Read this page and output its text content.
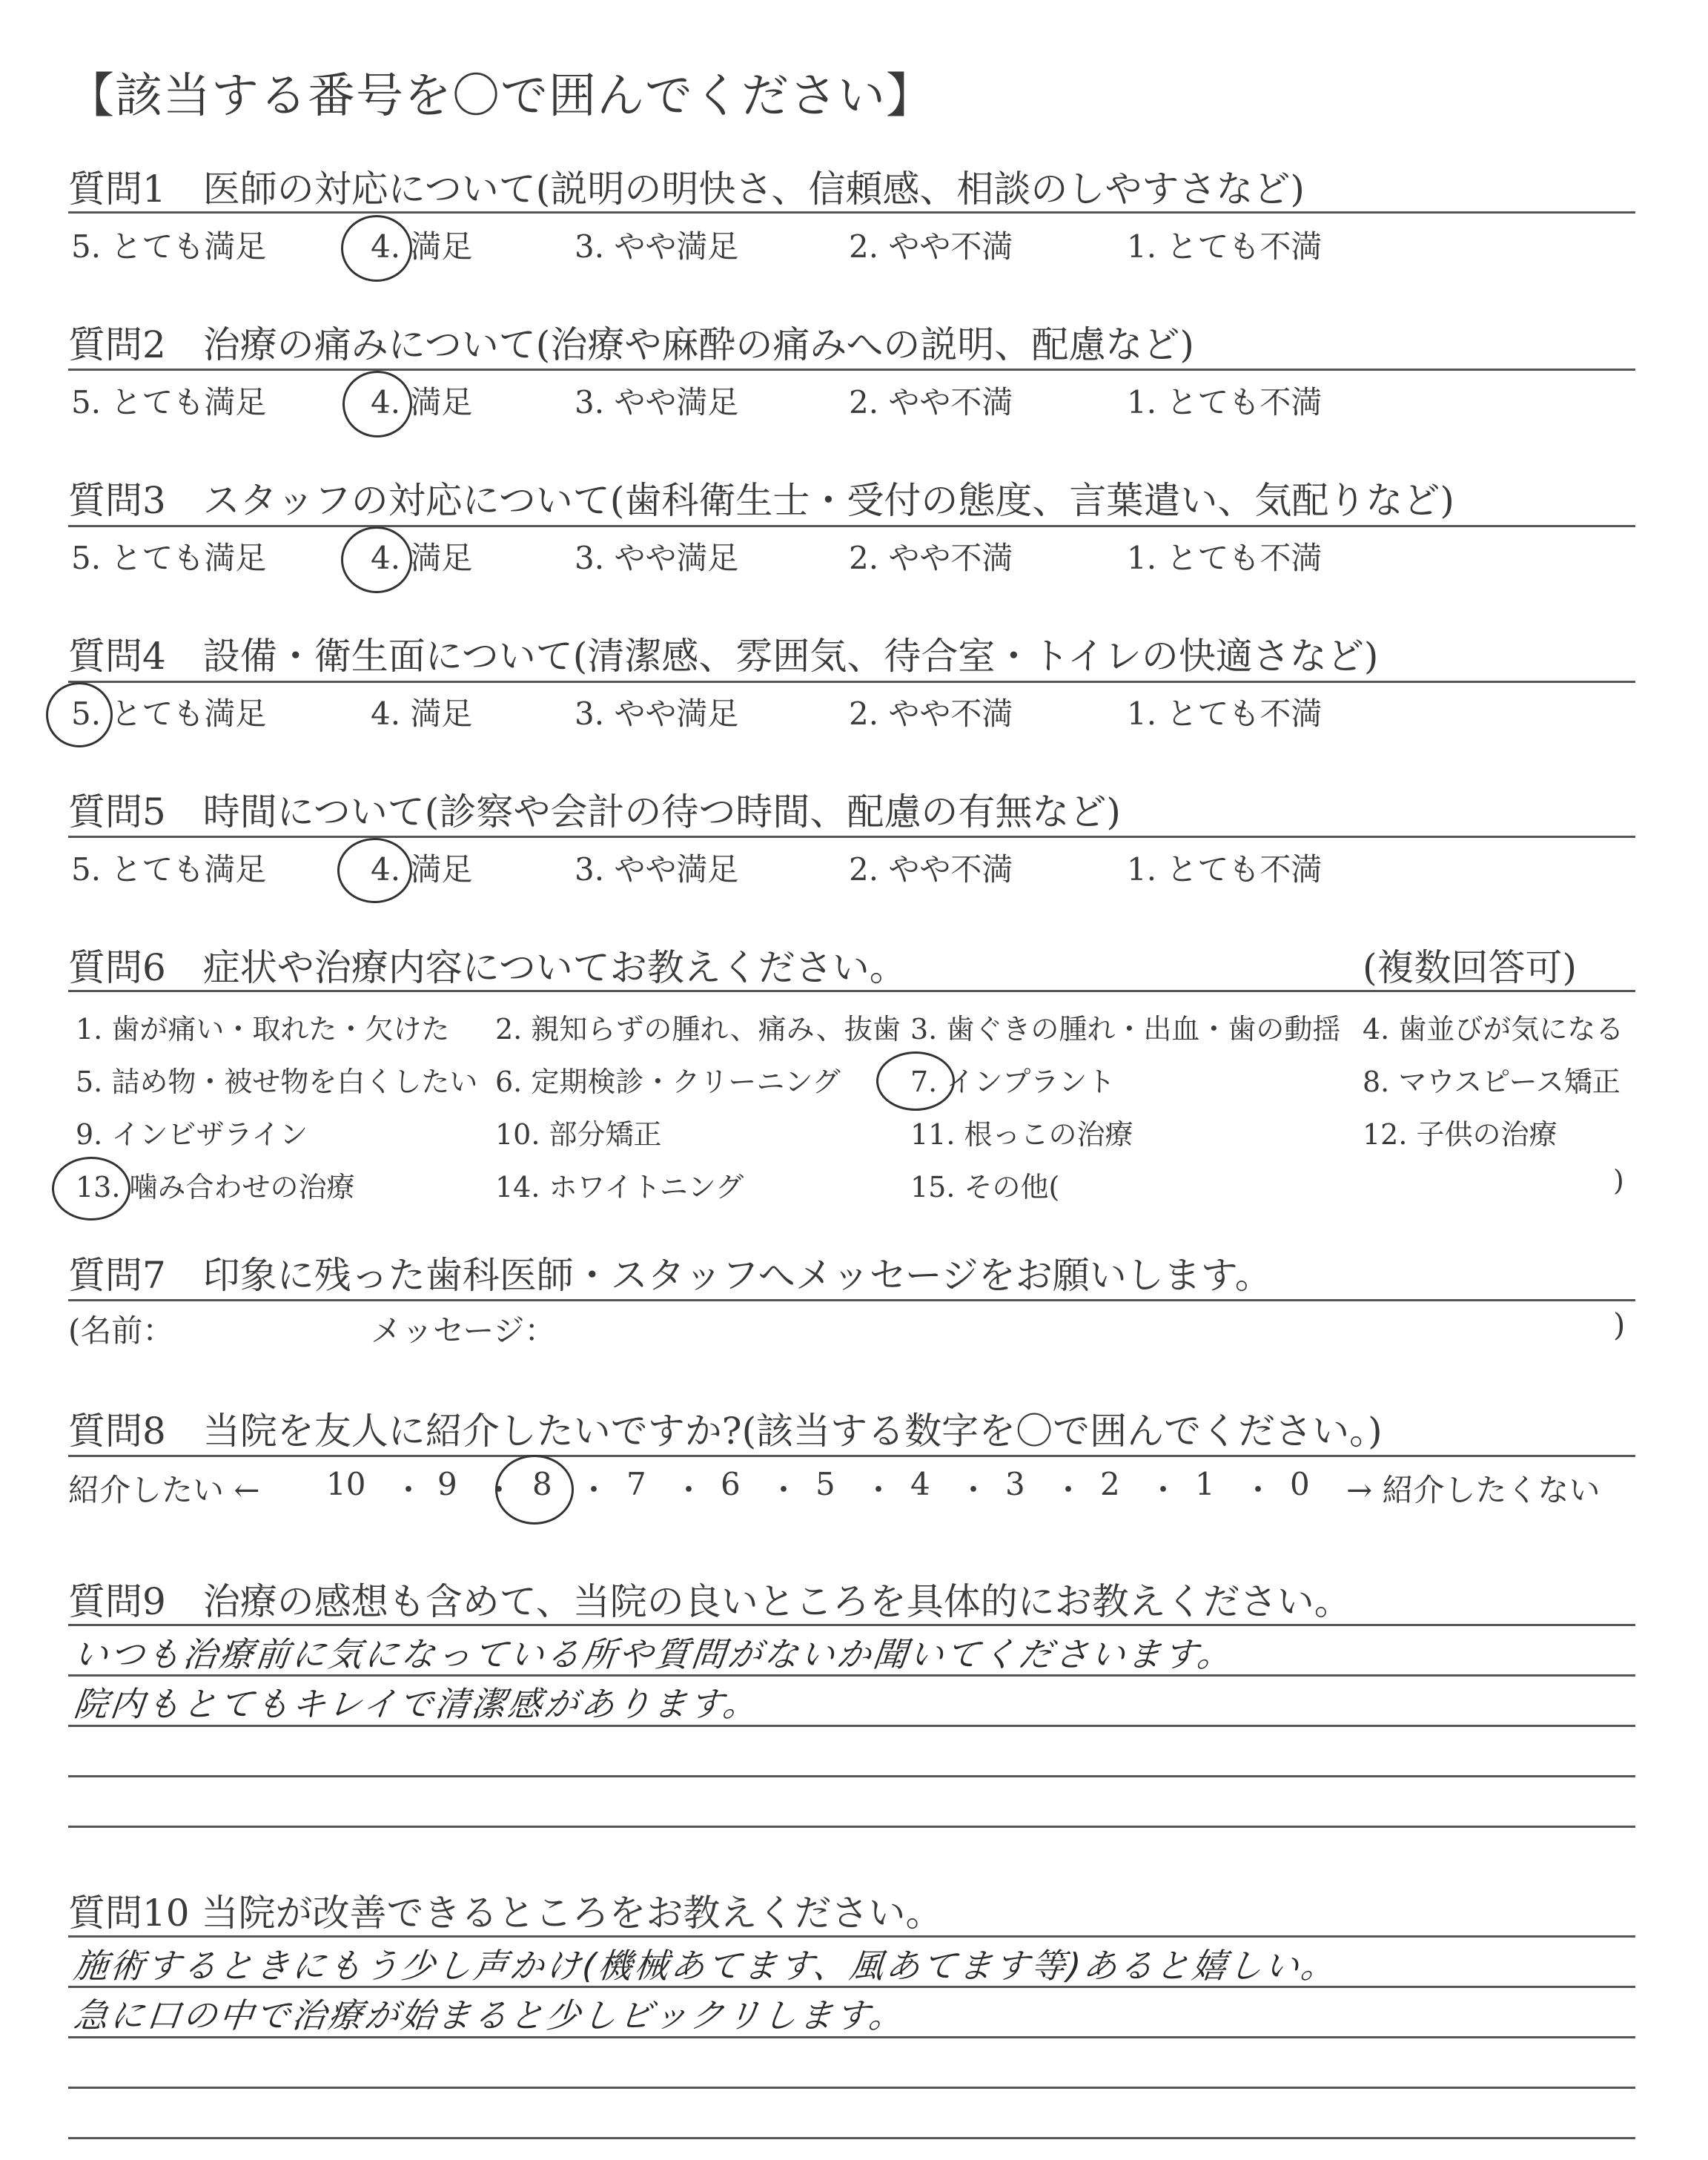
【該当する番号を〇で囲んでください】
質問1　医師の対応について(説明の明快さ、信頼感、相談のしやすさなど)
5. とても満足	4. 満足	3. やや満足	2. やや不満	1. とても不満
質問2　治療の痛みについて(治療や麻酔の痛みへの説明、配慮など)
5. とても満足	4. 満足	3. やや満足	2. やや不満	1. とても不満
質問3　スタッフの対応について(歯科衛生士・受付の態度、言葉遣い、気配りなど)
5. とても満足	4. 満足	3. やや満足	2. やや不満	1. とても不満
質問4　設備・衛生面について(清潔感、雰囲気、待合室・トイレの快適さなど)
5. とても満足	4. 満足	3. やや満足	2. やや不満	1. とても不満
質問5　時間について(診察や会計の待つ時間、配慮の有無など)
5. とても満足	4. 満足	3. やや満足	2. やや不満	1. とても不満
質問6　症状や治療内容についてお教えください。	(複数回答可)
1. 歯が痛い・取れた・欠けた 2. 親知らずの腫れ、痛み、抜歯 3. 歯ぐきの腫れ・出血・歯の動揺 4. 歯並びが気になる
5. 詰め物・被せ物を白くしたい 6. 定期検診・クリーニング 7. インプラント	8. マウスピース矯正
9. インビザライン	10. 部分矯正	11. 根っこの治療	12. 子供の治療
13. 噛み合わせの治療	14. ホワイトニング	15. その他(	)
質問7　印象に残った歯科医師・スタッフへメッセージをお願いします。
(名前：	メッセージ：	)
質問8　当院を友人に紹介したいですか?(該当する数字を〇で囲んでください。)
紹介したい ← 10 ・ 9 ・ 8 ・ 7 ・ 6 ・ 5 ・ 4 ・ 3 ・ 2 ・ 1 ・ 0 → 紹介したくない
質問9　治療の感想も含めて、当院の良いところを具体的にお教えください。
いつも治療前に気になっている所や質問がないか聞いてくださいます。
院内もとてもキレイで清潔感があります。
質問10 当院が改善できるところをお教えください。
施術するときにもう少し声かけ(機械あてます、風あてます等)あると嬉しい。
急に口の中で治療が始まると少しビックリします。
